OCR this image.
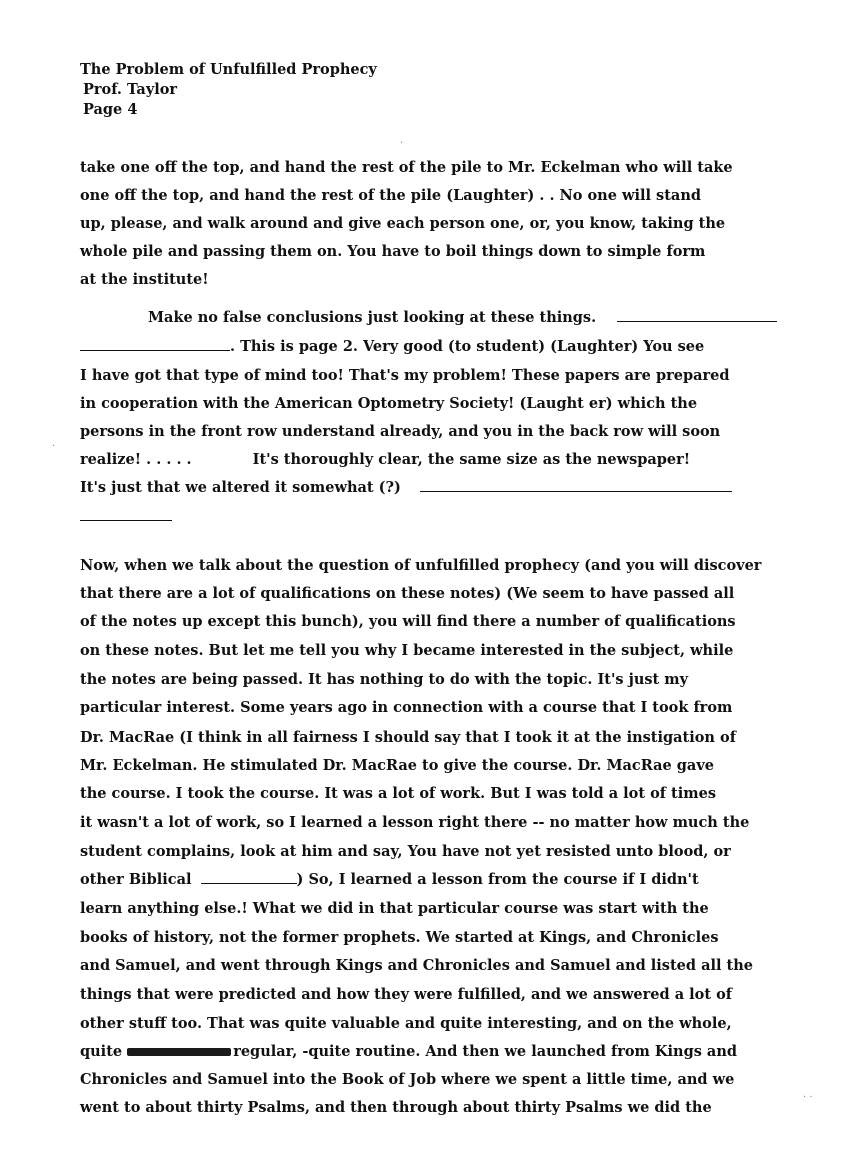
The Problem of Unfulfilled Prophecy
Prof. Taylor
Page 4
·
take one off the top, and hand the rest of the pile to Mr. Eckelman who will take
one off the top, and hand the rest of the pile (Laughter) . . No one will stand
up, please, and walk around and give each person one, or, you know, taking the
whole pile and passing them on. You have to boil things down to simple form
at the institute!
Make no false conclusions just looking at these things.
. This is page 2. Very good (to student) (Laughter) You see
I have got that type of mind too! That's my problem! These papers are prepared
in cooperation with the American Optometry Society! (Laught er) which the
persons in the front row understand already, and you in the back row will soon
realize! . . . . .	It's thoroughly clear, the same size as the newspaper!
It's just that we altered it somewhat (?)
·
Now, when we talk about the question of unfulfilled prophecy (and you will discover
that there are a lot of qualifications on these notes) (We seem to have passed all
of the notes up except this bunch), you will find there a number of qualifications
on these notes. But let me tell you why I became interested in the subject, while
the notes are being passed. It has nothing to do with the topic. It's just my
particular interest. Some years ago in connection with a course that I took from
Dr. MacRae (I think in all fairness I should say that I took it at the instigation of
Mr. Eckelman. He stimulated Dr. MacRae to give the course. Dr. MacRae gave
the course. I took the course. It was a lot of work. But I was told a lot of times
it wasn't a lot of work, so I learned a lesson right there -- no matter how much the
student complains, look at him and say, You have not yet resisted unto blood, or
other Biblical	) So, I learned a lesson from the course if I didn't
learn anything else.! What we did in that particular course was start with the
books of history, not the former prophets. We started at Kings, and Chronicles
and Samuel, and went through Kings and Chronicles and Samuel and listed all the
things that were predicted and how they were fulfilled, and we answered a lot of
other stuff too. That was quite valuable and quite interesting, and on the whole,
quite	regular, -quite routine. And then we launched from Kings and
Chronicles and Samuel into the Book of Job where we spent a little time, and we
went to about thirty Psalms, and then through about thirty Psalms we did the
· ·
